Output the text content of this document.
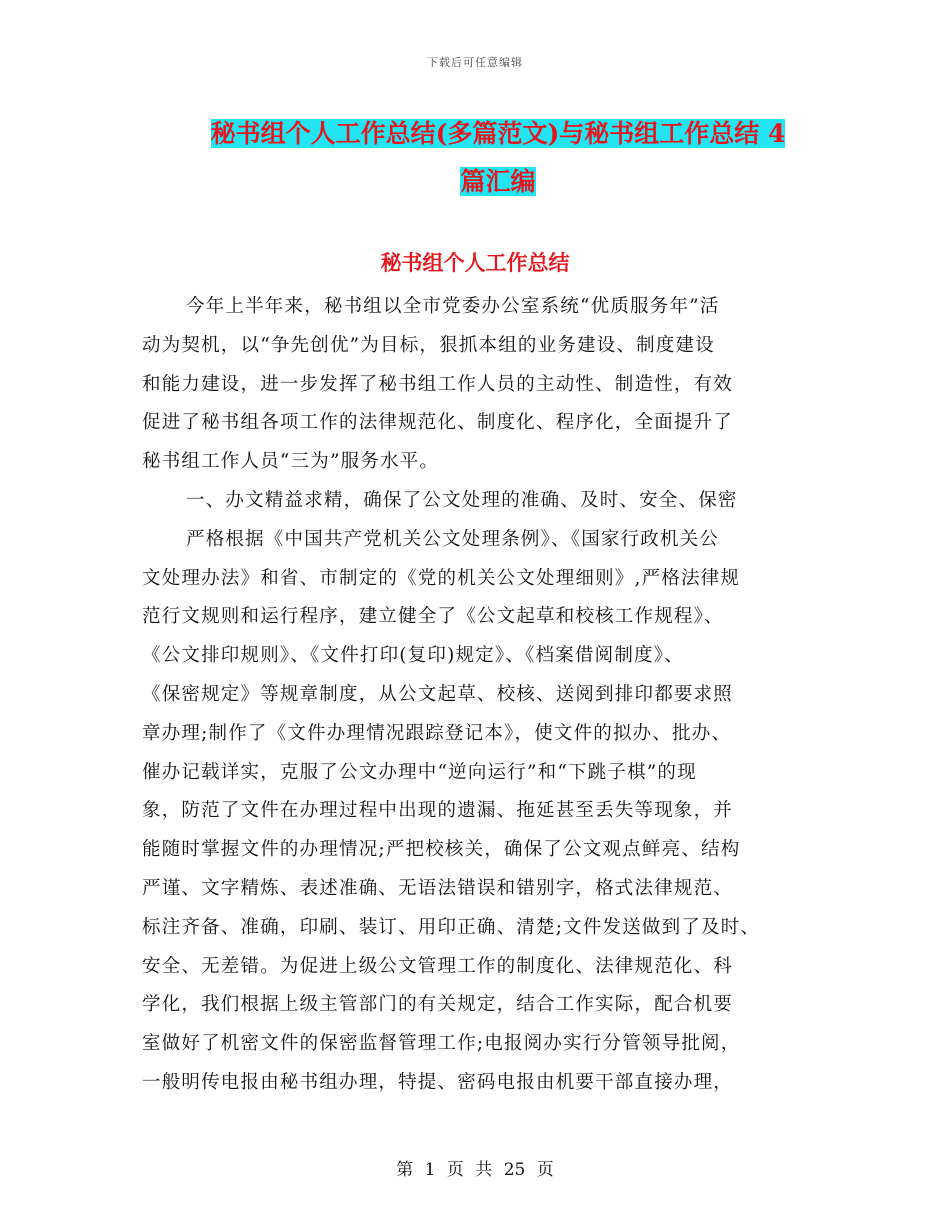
下载后可任意编辑
秘书组个人工作总结(多篇范文)与秘书组工作总结 4
篇汇编
秘书组个人工作总结
今年上半年来，秘书组以全市党委办公室系统“优质服务年”活
动为契机，以“争先创优”为目标，狠抓本组的业务建设、制度建设
和能力建设，进一步发挥了秘书组工作人员的主动性、制造性，有效
促进了秘书组各项工作的法律规范化、制度化、程序化，全面提升了
秘书组工作人员“三为”服务水平。
一、办文精益求精，确保了公文处理的准确、及时、安全、保密
严格根据《中国共产党机关公文处理条例》、《国家行政机关公
文处理办法》和省、市制定的《党的机关公文处理细则》,严格法律规
范行文规则和运行程序，建立健全了《公文起草和校核工作规程》、
《公文排印规则》、《文件打印(复印)规定》、《档案借阅制度》、
《保密规定》等规章制度，从公文起草、校核、送阅到排印都要求照
章办理;制作了《文件办理情况跟踪登记本》，使文件的拟办、批办、
催办记载详实，克服了公文办理中“逆向运行”和“下跳子棋”的现
象，防范了文件在办理过程中出现的遗漏、拖延甚至丢失等现象，并
能随时掌握文件的办理情况;严把校核关，确保了公文观点鲜亮、结构
严谨、文字精炼、表述准确、无语法错误和错别字，格式法律规范、
标注齐备、准确，印刷、装订、用印正确、清楚;文件发送做到了及时、
安全、无差错。为促进上级公文管理工作的制度化、法律规范化、科
学化，我们根据上级主管部门的有关规定，结合工作实际，配合机要
室做好了机密文件的保密监督管理工作;电报阅办实行分管领导批阅，
一般明传电报由秘书组办理，特提、密码电报由机要干部直接办理，
第 1 页 共 25 页
